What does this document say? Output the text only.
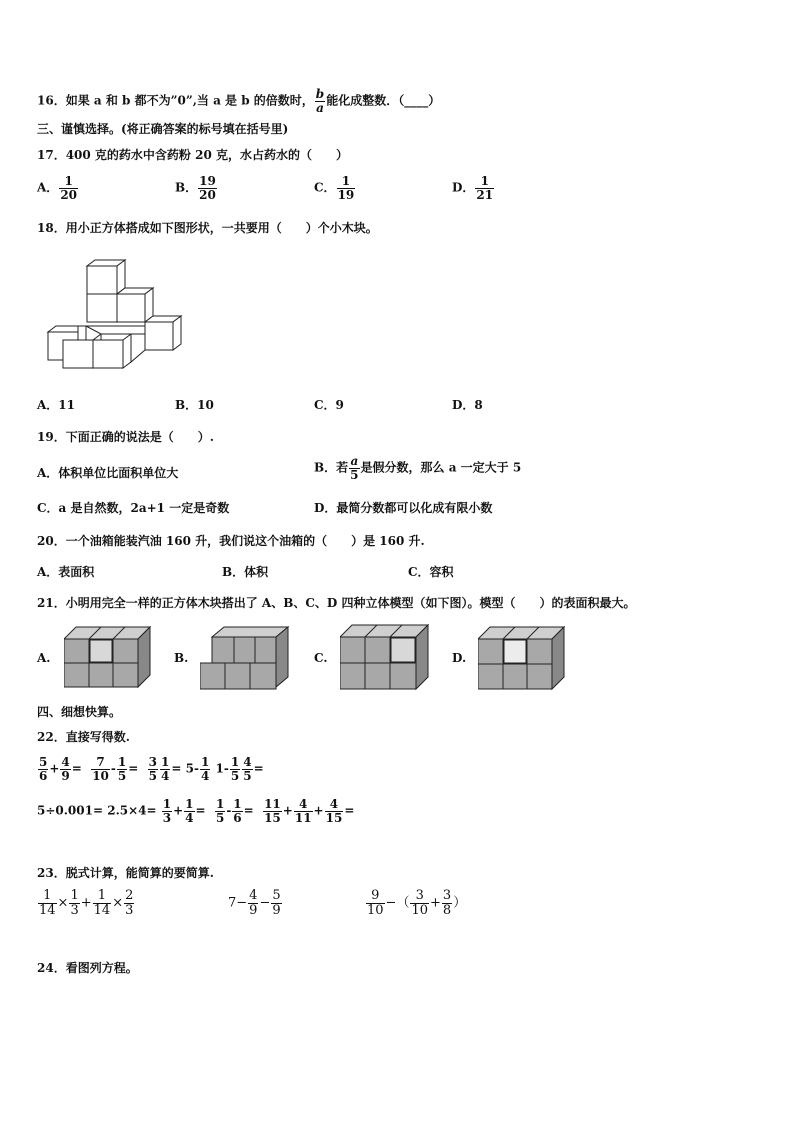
16．如果 a 和 b 都不为”0”,当 a 是 b 的倍数时， $\frac{b}{a}$ 能化成整数．（____）
三、谨慎选择。(将正确答案的标号填在括号里)
17．400 克的药水中含药粉 20 克，水占药水的（　　）
A． $\frac{1}{20}$	B． $\frac{19}{20}$	C． $\frac{1}{19}$	D． $\frac{1}{21}$
18．用小正方体搭成如下图形状，一共要用（　　）个小木块。
A．11	B．10	C．9	D．8
19．下面正确的说法是（　　）.
A．体积单位比面积单位大	B．若 $\frac{a}{5}$ 是假分数，那么 a 一定大于 5
C．a 是自然数，2a+1 一定是奇数	D．最简分数都可以化成有限小数
20．一个油箱能装汽油 160 升，我们说这个油箱的（　　）是 160 升.
A．表面积	B．体积	C．容积
21．小明用完全一样的正方体木块搭出了 A、B、C、D 四种立体模型（如下图）。模型（　　）的表面积最大。
A.	B.	C.	D.
四、细想快算。
22．直接写得数.
$\frac{5}{6} + \frac{4}{9} = \frac{7}{10} - \frac{1}{5} = \frac{3}{5} \frac{1}{4} = 5- \frac{1}{4} 1- \frac{1}{5} \frac{4}{5}$ =
$5\div 0.001= 2.5\times 4= \frac{1}{3} + \frac{1}{4} = \frac{1}{5} - \frac{1}{6} = \frac{11}{15} + \frac{4}{11} + \frac{4}{15}$ =
23．脱式计算，能简算的要简算.
$\frac{1}{14} \times \frac{1}{3} + \frac{1}{14} \times \frac{2}{3}$	$7- \frac{4}{9} - \frac{5}{9}$	$\frac{9}{10}$ −（ $\frac{3}{10} + \frac{3}{8}$ ）
24．看图列方程。
